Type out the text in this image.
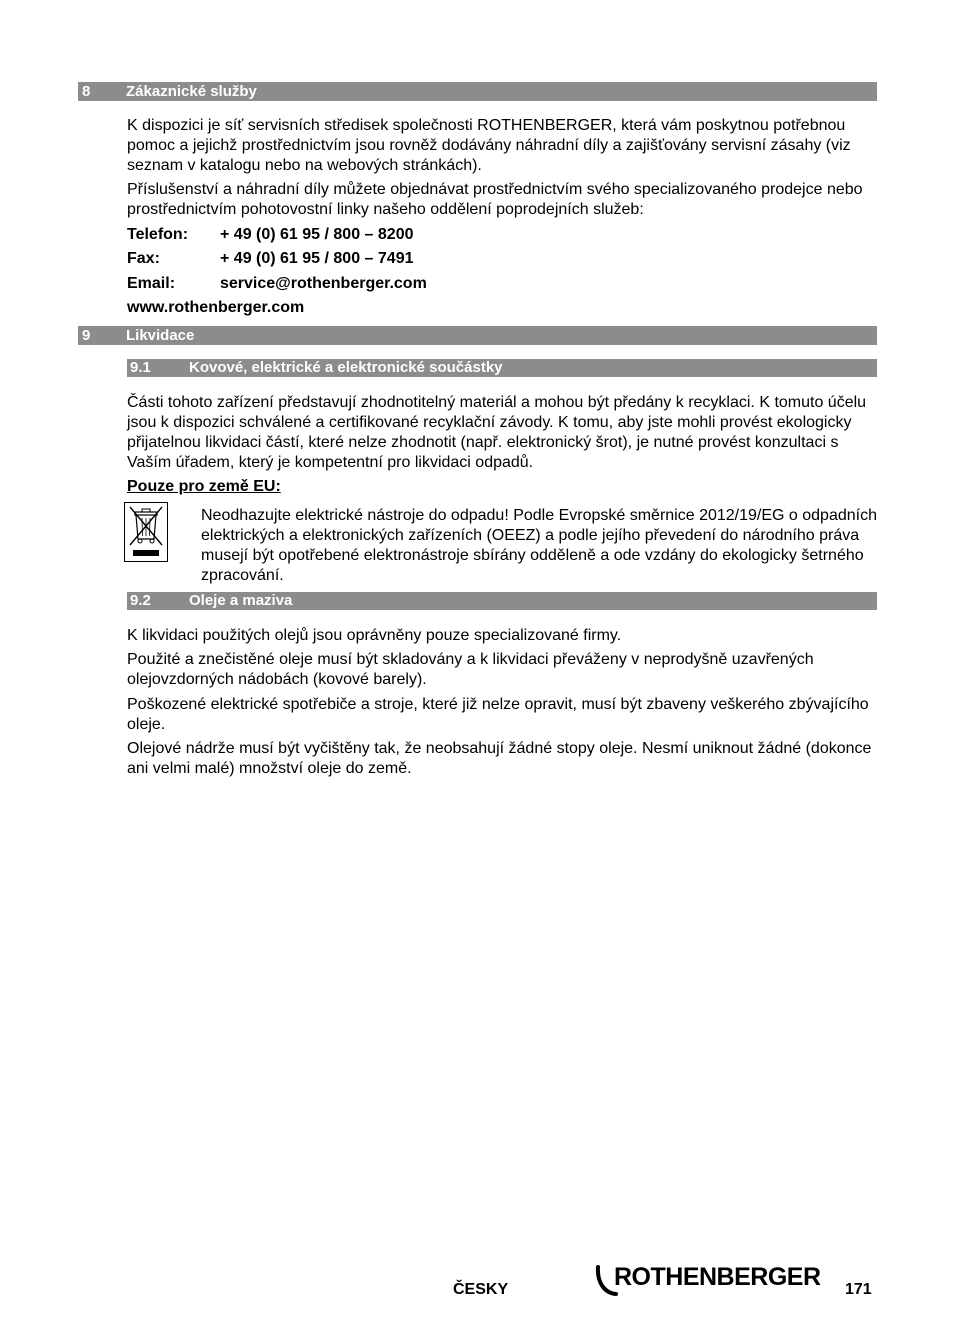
8 Zákaznické služby

K dispozici je síť servisních středisek společnosti ROTHENBERGER, která vám poskytnou potřebnou pomoc a jejichž prostřednictvím jsou rovněž dodávány náhradní díly a zajišťovány servisní zásahy (viz seznam v katalogu nebo na webových stránkách).

Příslušenství a náhradní díly můžete objednávat prostřednictvím svého specializovaného prodejce nebo prostřednictvím pohotovostní linky našeho oddělení poprodejních služeb:

Telefon: + 49 (0) 61 95 / 800 – 8200
Fax:	+ 49 (0) 61 95 / 800 – 7491
Email:	service@rothenberger.com
www.rothenberger.com
9 Likvidace
9.1	Kovové, elektrické a elektronické součástky

Části tohoto zařízení představují zhodnotitelný materiál a mohou být předány k recyklaci. K tomuto účelu jsou k dispozici schválené a certifikované recyklační závody. K tomu, aby jste mohli provést ekologicky přijatelnou likvidaci částí, které nelze zhodnotit (např. elektronický šrot), je nutné provést konzultaci s Vaším úřadem, který je kompetentní pro likvidaci odpadů.

Pouze pro země EU:

Neodhazujte elektrické nástroje do odpadu! Podle Evropské směrnice 2012/19/EG o odpadních elektrických a elektronických zařízeních (OEEZ) a podle jejího převedení do národního práva musejí být opotřebené elektronástroje sbírány odděleně a ode vzdány do ekologicky šetrného zpracování.

9.2	Oleje a maziva

K likvidaci použitých olejů jsou oprávněny pouze specializované firmy.

Použité a znečistěné oleje musí být skladovány a k likvidaci převáženy v neprodyšně uzavřených olejovzdorných nádobách (kovové barely).

Poškozené elektrické spotřebiče a stroje, které již nelze opravit, musí být zbaveny veškerého zbývajícího oleje.

Olejové nádrže musí být vyčištěny tak, že neobsahují žádné stopy oleje. Nesmí uniknout žádné (dokonce ani velmi malé) množství oleje do země.

ČESKY	ROTHENBERGER 171
